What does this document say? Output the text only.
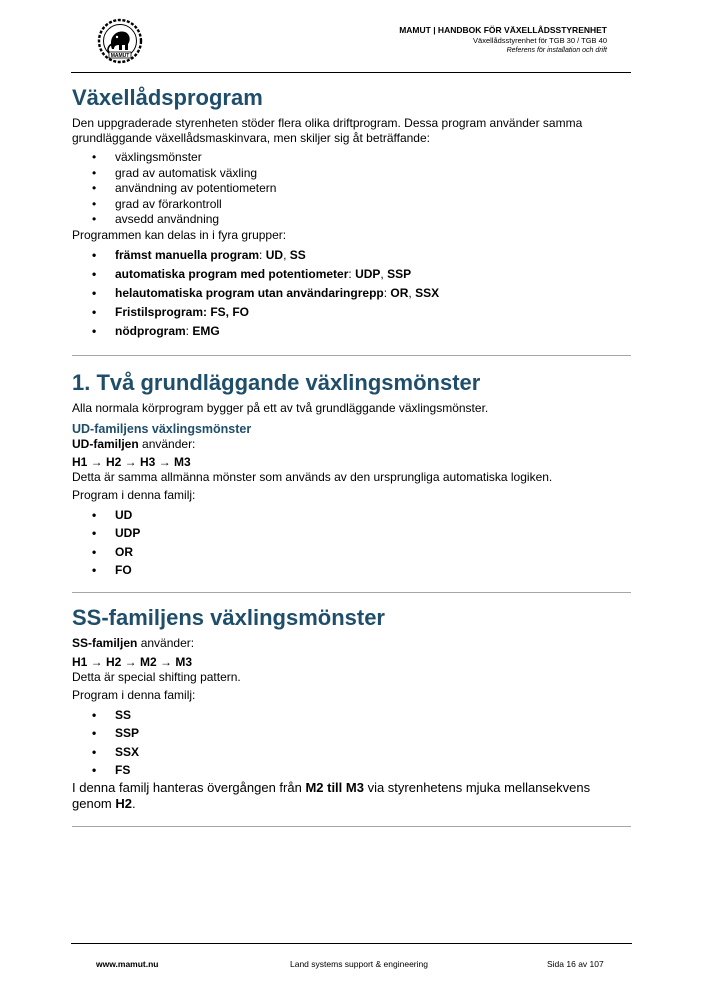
MAMUT
MAMUT | HANDBOK FÖR VÄXELLÅDSSTYRENHET
Växellådsstyrenhet för TGB 30 / TGB 40
Referens för installation och drift
Växellådsprogram

Den uppgraderade styrenheten stöder flera olika driftprogram. Dessa program använder samma grundläggande växellådsmaskinvara, men skiljer sig åt beträffande:

• växlingsmönster
• grad av automatisk växling
• användning av potentiometern
• grad av förarkontroll
• avsedd användning

Programmen kan delas in i fyra grupper:

• främst manuella program: UD, SS
• automatiska program med potentiometer: UDP, SSP
• helautomatiska program utan användaringrepp: OR, SSX
• Fristilsprogram: FS, FO
• nödprogram: EMG
1. Två grundläggande växlingsmönster

Alla normala körprogram bygger på ett av två grundläggande växlingsmönster.

UD-familjens växlingsmönster

UD-familjen använder:

H1 → H2 → H3 → M3

Detta är samma allmänna mönster som används av den ursprungliga automatiska logiken.

Program i denna familj:

• UD
• UDP
• OR
• FO
SS-familjens växlingsmönster

SS-familjen använder:

H1 → H2 → M2 → M3

Detta är special shifting pattern.

Program i denna familj:

• SS
• SSP
• SSX
• FS

I denna familj hanteras övergången från M2 till M3 via styrenhetens mjuka mellansekvens genom H2.

www.mamut.nu	Land systems support & engineering	Sida 16 av 107
